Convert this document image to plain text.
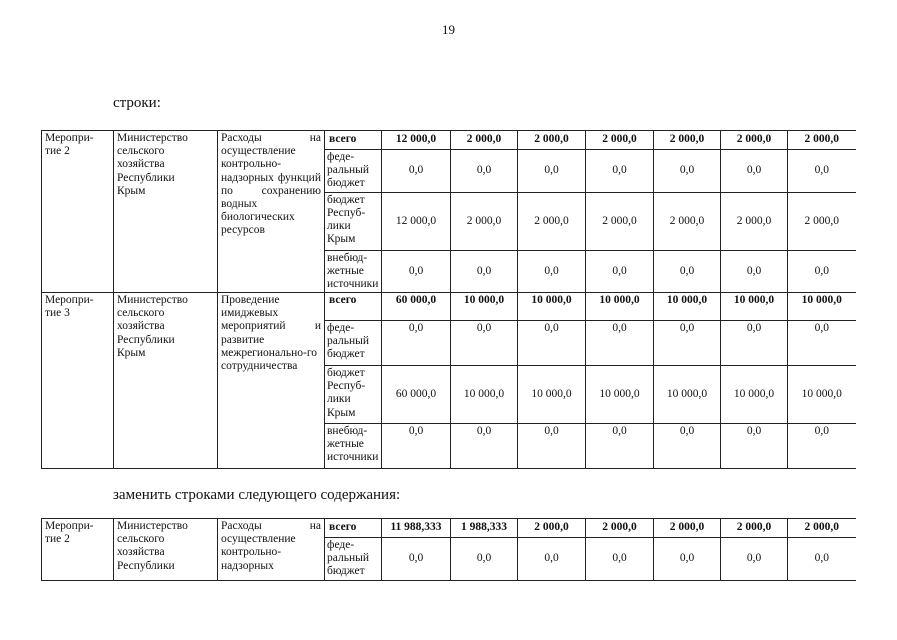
19
строки:
Меропри-
тие 2	Министерство
сельского
хозяйства
Республики
Крым	Расходы на осуществление контрольно-надзорных функций по сохранению водных биологических ресурсов	всего	12 000,0	2 000,0	2 000,0	2 000,0	2 000,0	2 000,0	2 000,0
			феде-
ральный
бюджет	0,0	0,0	0,0	0,0	0,0	0,0	0,0
			бюджет
Респуб-
лики
Крым	12 000,0	2 000,0	2 000,0	2 000,0	2 000,0	2 000,0	2 000,0
			внебюд-
жетные
источники	0,0	0,0	0,0	0,0	0,0	0,0	0,0
Меропри-
тие 3	Министерство
сельского
хозяйства
Республики
Крым	Проведение имиджевых мероприятий и развитие межрегионально-го сотрудничества	всего	60 000,0	10 000,0	10 000,0	10 000,0	10 000,0	10 000,0	10 000,0
			феде-
ральный
бюджет	0,0	0,0	0,0	0,0	0,0	0,0	0,0
			бюджет
Респуб-
лики
Крым	60 000,0	10 000,0	10 000,0	10 000,0	10 000,0	10 000,0	10 000,0
			внебюд-
жетные
источники	0,0	0,0	0,0	0,0	0,0	0,0	0,0
заменить строками следующего содержания:
Меропри-
тие 2	Министерство
сельского
хозяйства
Республики	Расходы на осуществление контрольно-надзорных	всего	11 988,333	1 988,333	2 000,0	2 000,0	2 000,0	2 000,0	2 000,0
			феде-
ральный
бюджет	0,0	0,0	0,0	0,0	0,0	0,0	0,0
